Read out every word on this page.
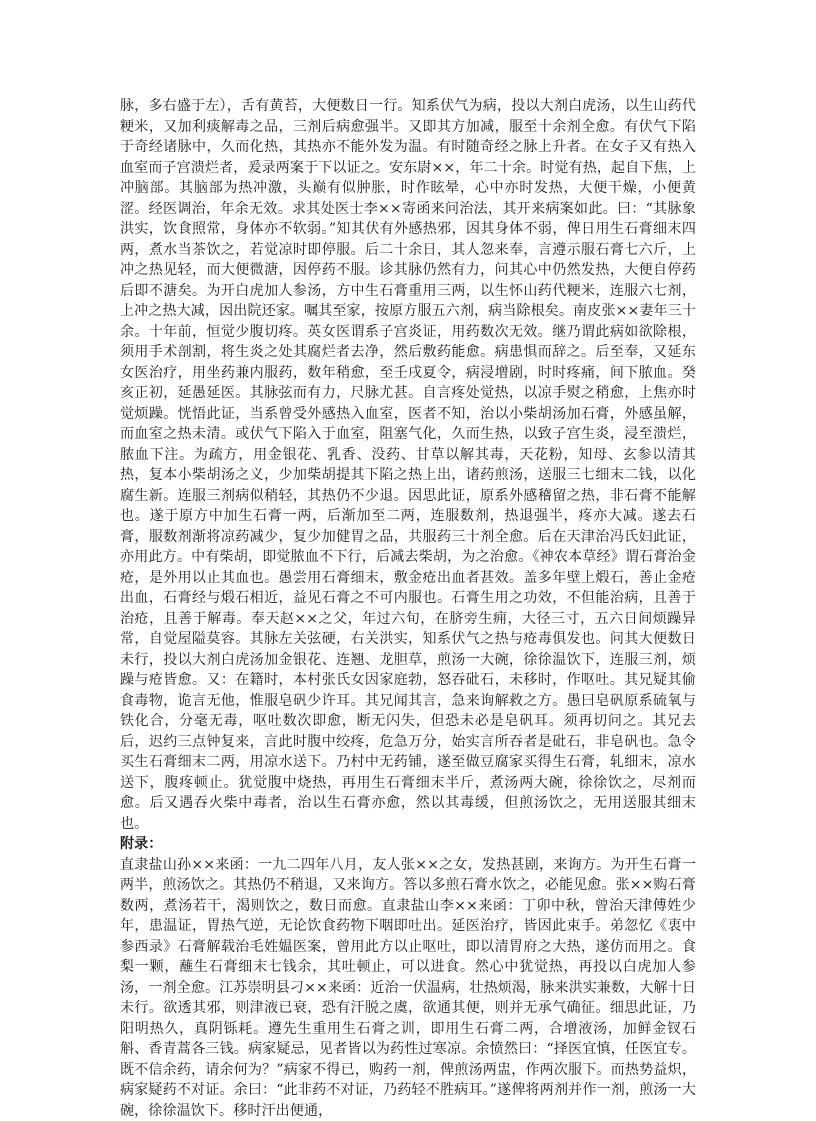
脉，多右盛于左），舌有黄苔，大便数日一行。知系伏气为病，投以大剂白虎汤，以生山药代粳米，又加利痰解毒之品，三剂后病愈强半。又即其方加减，服至十余剂全愈。有伏气下陷于奇经诸脉中，久而化热，其热亦不能外发为温。有时随奇经之脉上升者。在女子又有热入血室而子宫溃烂者，爰录两案于下以证之。安东尉××，年二十余。时觉有热，起自下焦，上冲脑部。其脑部为热冲激，头巅有似肿胀，时作眩晕，心中亦时发热，大便干燥，小便黄涩。经医调治，年余无效。求其处医士李××寄函来问治法，其开来病案如此。曰：“其脉象洪实，饮食照常，身体亦不软弱。”知其伏有外感热邪，因其身体不弱，俾日用生石膏细末四两，煮水当茶饮之，若觉凉时即停服。后二十余日，其人忽来奉，言遵示服石膏七六斤，上冲之热见轻，而大便微溏，因停药不服。诊其脉仍然有力，问其心中仍然发热，大便自停药后即不溏矣。为开白虎加人参汤，方中生石膏重用三两，以生怀山药代粳米，连服六七剂，上冲之热大减，因出院还家。嘱其至家，按原方服五六剂，病当除根矣。南皮张××妻年三十余。十年前，恒觉少腹切疼。英女医谓系子宫炎证，用药数次无效。继乃谓此病如欲除根，须用手术剖割，将生炎之处其腐烂者去净，然后敷药能愈。病患惧而辞之。后至奉，又延东女医治疗，用坐药兼内服药，数年稍愈，至壬戌夏令，病浸增剧，时时疼痛，间下脓血。癸亥正初，延愚延医。其脉弦而有力，尺脉尤甚。自言疼处觉热，以凉手熨之稍愈，上焦亦时觉烦躁。恍悟此证，当系曾受外感热入血室，医者不知，治以小柴胡汤加石膏，外感虽解，而血室之热未清。或伏气下陷入于血室，阻塞气化，久而生热，以致子宫生炎，浸至溃烂，脓血下注。为疏方，用金银花、乳香、没药、甘草以解其毒，天花粉，知母、玄参以清其热，复本小柴胡汤之义，少加柴胡提其下陷之热上出，诸药煎汤，送服三七细末二钱，以化腐生新。连服三剂病似稍轻，其热仍不少退。因思此证，原系外感稽留之热，非石膏不能解也。遂于原方中加生石膏一两，后渐加至二两，连服数剂，热退强半，疼亦大减。遂去石膏，服数剂渐将凉药减少，复少加健胃之品，共服药三十剂全愈。后在天津治冯氏妇此证，亦用此方。中有柴胡，即觉脓血不下行，后减去柴胡，为之治愈。《神农本草经》谓石膏治金疮，是外用以止其血也。愚尝用石膏细末，敷金疮出血者甚效。盖多年壁上煅石，善止金疮出血，石膏经与煅石相近，益见石膏之不可内服也。石膏生用之功效，不但能治病，且善于治疮，且善于解毒。奉天赵××之父，年过六旬，在脐旁生痈，大径三寸，五六日间烦躁异常，自觉屋隘莫容。其脉左关弦硬，右关洪实，知系伏气之热与疮毒俱发也。问其大便数日未行，投以大剂白虎汤加金银花、连翘、龙胆草，煎汤一大碗，徐徐温饮下，连服三剂，烦躁与疮皆愈。又：在籍时，本村张氏女因家庭勃，怒吞砒石，未移时，作呕吐。其兄疑其偷食毒物，诡言无他，惟服皂矾少许耳。其兄闻其言，急来询解救之方。愚曰皂矾原系硫氧与铁化合，分毫无毒，呕吐数次即愈，断无闪失，但恐未必是皂矾耳。须再切问之。其兄去后，迟约三点钟复来，言此时腹中绞疼，危急万分，始实言所吞者是砒石，非皂矾也。急令买生石膏细末二两，用凉水送下。乃村中无药铺，遂至做豆腐家买得生石膏，轧细末，凉水送下，腹疼顿止。犹觉腹中烧热，再用生石膏细末半斤，煮汤两大碗，徐徐饮之，尽剂而愈。后又遇吞火柴中毒者，治以生石膏亦愈，然以其毒缓，但煎汤饮之，无用送服其细末也。

附录：

直隶盐山孙××来函：一九二四年八月，友人张××之女，发热甚剧，来询方。为开生石膏一两半，煎汤饮之。其热仍不稍退，又来询方。答以多煎石膏水饮之，必能见愈。张××购石膏数两，煮汤若干，渴则饮之，数日而愈。直隶盐山李××来函：丁卯中秋，曾治天津傅姓少年，患温证，胃热气逆，无论饮食药物下咽即吐出。延医治疗，皆因此束手。弟忽忆《衷中参西录》石膏解载治毛姓媪医案，曾用此方以止呕吐，即以清胃府之大热，遂仿而用之。食梨一颗，蘸生石膏细末七钱余，其吐顿止，可以进食。然心中犹觉热，再投以白虎加人参汤，一剂全愈。江苏崇明县刁××来函：近治一伏温病，壮热烦渴，脉来洪实兼数，大解十日未行。欲透其邪，则津液已衰，恐有汗脱之虞，欲通其便，则并无承气确征。细思此证，乃阳明热久，真阴铄耗。遵先生重用生石膏之训，即用生石膏二两，合增液汤，加鲜金钗石斛、香青蒿各三钱。病家疑忌，见者皆以为药性过寒凉。余愤然曰：“择医宜慎，任医宜专。既不信余药，请余何为？”病家不得已，购药一剂，俾煎汤两盅，作两次服下。而热势益炽，病家疑药不对证。余曰：“此非药不对证，乃药轻不胜病耳。”遂俾将两剂并作一剂，煎汤一大碗，徐徐温饮下。移时汗出便通，
